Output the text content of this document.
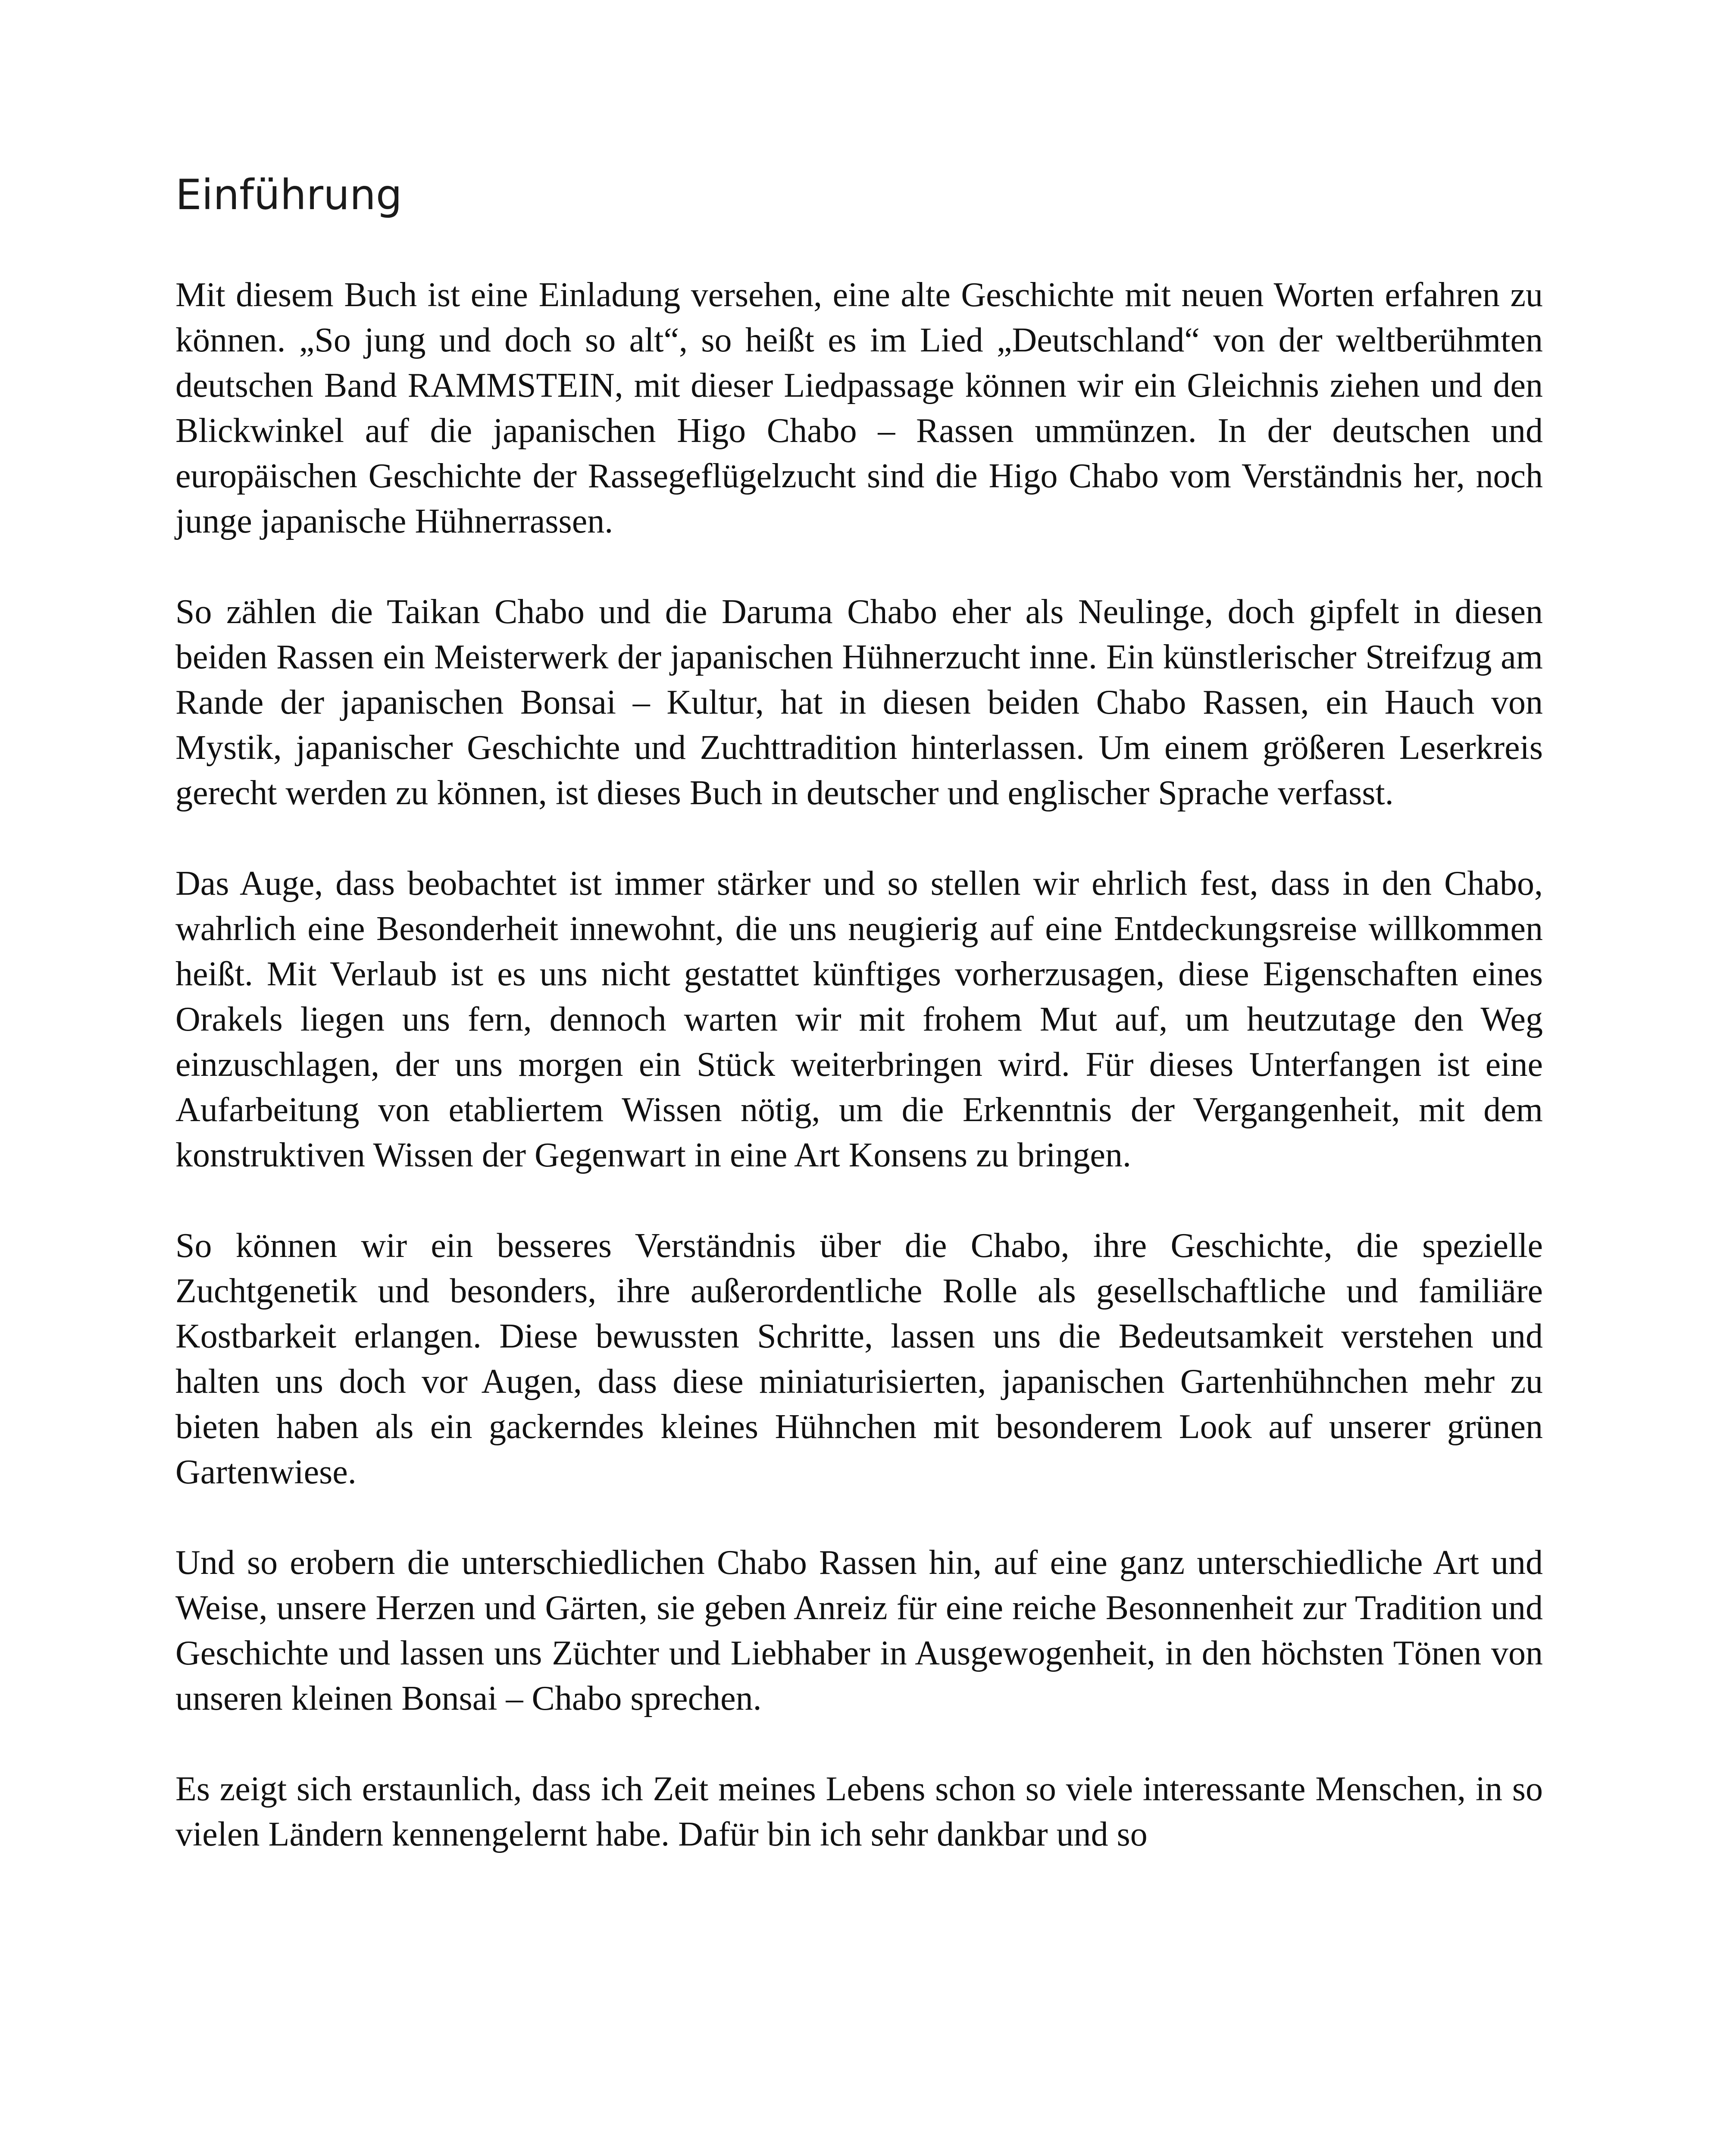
Einführung

Mit diesem Buch ist eine Einladung versehen, eine alte Geschichte mit neuen Worten erfahren zu können. „So jung und doch so alt“, so heißt es im Lied „Deutschland“ von der weltberühmten deutschen Band RAMMSTEIN, mit dieser Liedpassage können wir ein Gleichnis ziehen und den Blickwinkel auf die japanischen Higo Chabo – Rassen ummünzen. In der deutschen und europäischen Geschichte der Rassegeflügelzucht sind die Higo Chabo vom Verständnis her, noch junge japanische Hühnerrassen.

So zählen die Taikan Chabo und die Daruma Chabo eher als Neulinge, doch gipfelt in diesen beiden Rassen ein Meisterwerk der japanischen Hühnerzucht inne. Ein künstlerischer Streifzug am Rande der japanischen Bonsai – Kultur, hat in diesen beiden Chabo Rassen, ein Hauch von Mystik, japanischer Geschichte und Zuchttradition hinterlassen. Um einem größeren Leserkreis gerecht werden zu können, ist dieses Buch in deutscher und englischer Sprache verfasst.

Das Auge, dass beobachtet ist immer stärker und so stellen wir ehrlich fest, dass in den Chabo, wahrlich eine Besonderheit innewohnt, die uns neugierig auf eine Entdeckungsreise willkommen heißt. Mit Verlaub ist es uns nicht gestattet künftiges vorherzusagen, diese Eigenschaften eines Orakels liegen uns fern, dennoch warten wir mit frohem Mut auf, um heutzutage den Weg einzuschlagen, der uns morgen ein Stück weiterbringen wird. Für dieses Unterfangen ist eine Aufarbeitung von etabliertem Wissen nötig, um die Erkenntnis der Vergangenheit, mit dem konstruktiven Wissen der Gegenwart in eine Art Konsens zu bringen.

So können wir ein besseres Verständnis über die Chabo, ihre Geschichte, die spezielle Zuchtgenetik und besonders, ihre außerordentliche Rolle als gesellschaftliche und familiäre Kostbarkeit erlangen. Diese bewussten Schritte, lassen uns die Bedeutsamkeit verstehen und halten uns doch vor Augen, dass diese miniaturisierten, japanischen Gartenhühnchen mehr zu bieten haben als ein gackerndes kleines Hühnchen mit besonderem Look auf unserer grünen Gartenwiese.

Und so erobern die unterschiedlichen Chabo Rassen hin, auf eine ganz unterschiedliche Art und Weise, unsere Herzen und Gärten, sie geben Anreiz für eine reiche Besonnenheit zur Tradition und Geschichte und lassen uns Züchter und Liebhaber in Ausgewogenheit, in den höchsten Tönen von unseren kleinen Bonsai – Chabo sprechen.

Es zeigt sich erstaunlich, dass ich Zeit meines Lebens schon so viele interessante Menschen, in so vielen Ländern kennengelernt habe. Dafür bin ich sehr dankbar und so
